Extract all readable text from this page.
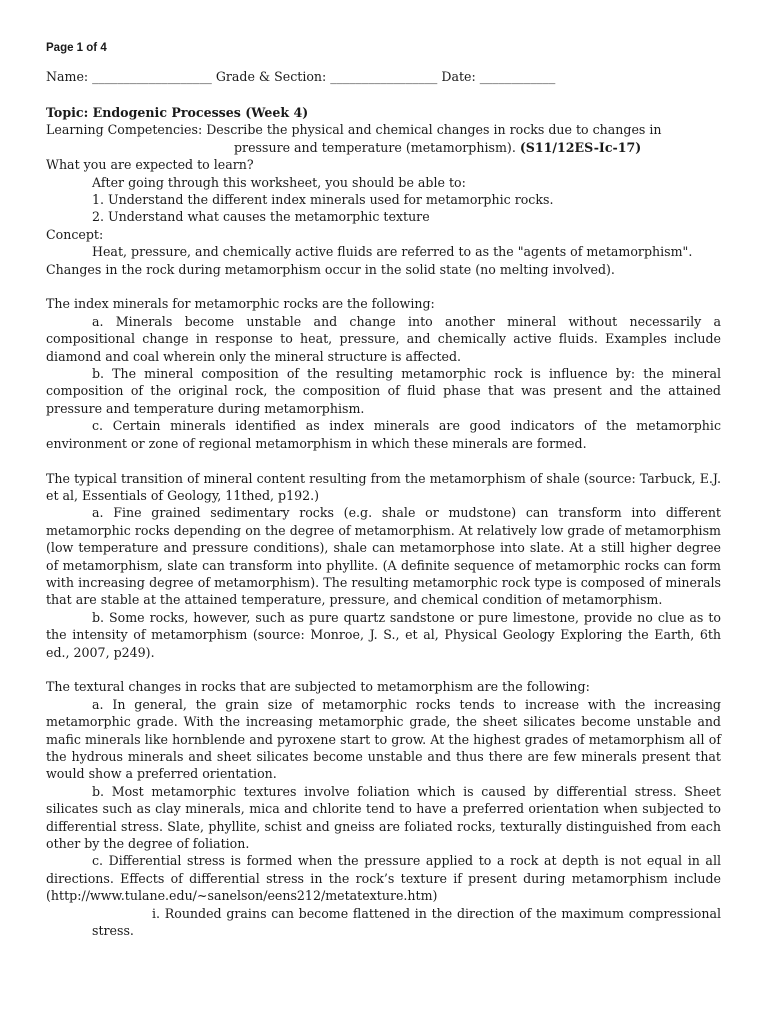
Page 1 of 4
Name: ___________________ Grade & Section: _________________ Date: ____________

Topic: Endogenic Processes (Week 4)

Learning Competencies: Describe the physical and chemical changes in rocks due to changes in

pressure and temperature (metamorphism). (S11/12ES-Ic-17)

What you are expected to learn?

After going through this worksheet, you should be able to:

1. Understand the different index minerals used for metamorphic rocks.

2. Understand what causes the metamorphic texture

Concept:

Heat, pressure, and chemically active fluids are referred to as the "agents of metamorphism".

Changes in the rock during metamorphism occur in the solid state (no melting involved).

The index minerals for metamorphic rocks are the following:

a. Minerals become unstable and change into another mineral without necessarily a compositional change in response to heat, pressure, and chemically active fluids. Examples include diamond and coal wherein only the mineral structure is affected.

b. The mineral composition of the resulting metamorphic rock is influence by: the mineral composition of the original rock, the composition of fluid phase that was present and the attained pressure and temperature during metamorphism.

c. Certain minerals identified as index minerals are good indicators of the metamorphic environment or zone of regional metamorphism in which these minerals are formed.

The typical transition of mineral content resulting from the metamorphism of shale (source: Tarbuck, E.J. et al, Essentials of Geology, 11thed, p192.)

a. Fine grained sedimentary rocks (e.g. shale or mudstone) can transform into different metamorphic rocks depending on the degree of metamorphism. At relatively low grade of metamorphism (low temperature and pressure conditions), shale can metamorphose into slate. At a still higher degree of metamorphism, slate can transform into phyllite. (A definite sequence of metamorphic rocks can form with increasing degree of metamorphism). The resulting metamorphic rock type is composed of minerals that are stable at the attained temperature, pressure, and chemical condition of metamorphism.

b. Some rocks, however, such as pure quartz sandstone or pure limestone, provide no clue as to the intensity of metamorphism (source: Monroe, J. S., et al, Physical Geology Exploring the Earth, 6th ed., 2007, p249).

The textural changes in rocks that are subjected to metamorphism are the following:

a. In general, the grain size of metamorphic rocks tends to increase with the increasing metamorphic grade. With the increasing metamorphic grade, the sheet silicates become unstable and mafic minerals like hornblende and pyroxene start to grow. At the highest grades of metamorphism all of the hydrous minerals and sheet silicates become unstable and thus there are few minerals present that would show a preferred orientation.

b. Most metamorphic textures involve foliation which is caused by differential stress. Sheet silicates such as clay minerals, mica and chlorite tend to have a preferred orientation when subjected to differential stress. Slate, phyllite, schist and gneiss are foliated rocks, texturally distinguished from each other by the degree of foliation.

c. Differential stress is formed when the pressure applied to a rock at depth is not equal in all directions. Effects of differential stress in the rock’s texture if present during metamorphism include (http://www.tulane.edu/~sanelson/eens212/metatexture.htm)

i. Rounded grains can become flattened in the direction of the maximum compressional stress.
